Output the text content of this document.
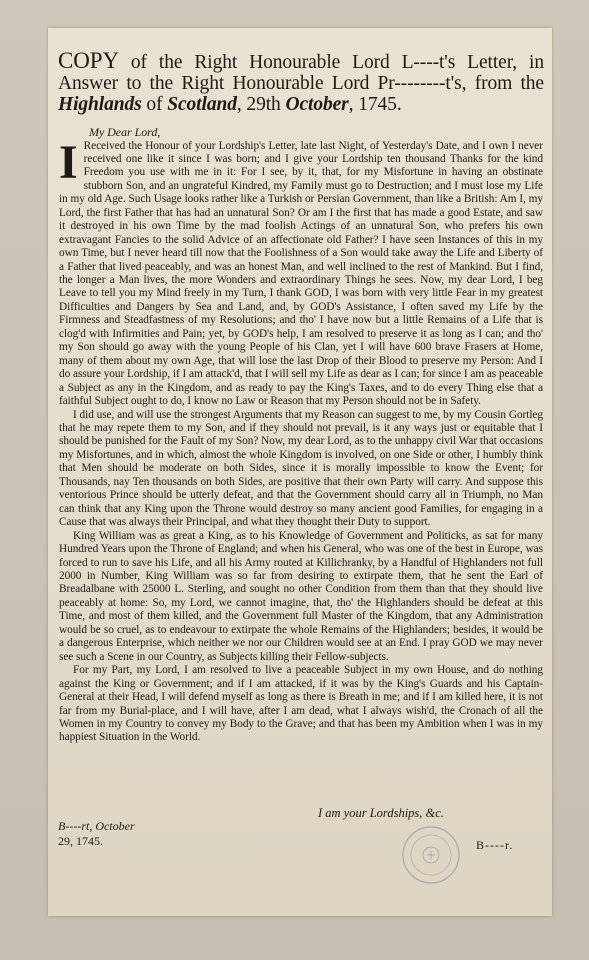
COPY of the Right Honourable Lord L----t's Letter, in Answer to the Right Honourable Lord Pr--------t's, from the Highlands of Scotland, 29th October, 1745.
My Dear Lord,

I Received the Honour of your Lordship's Letter, late last Night, of Yesterday's Date, and I own I never received one like it since I was born; and I give your Lordship ten thousand Thanks for the kind Freedom you use with me in it: For I see, by it, that, for my Misfortune in having an obstinate stubborn Son, and an ungrateful Kindred, my Family must go to Destruction; and I must lose my Life in my old Age. Such Usage looks rather like a Turkish or Persian Government, than like a British: Am I, my Lord, the first Father that has had an unnatural Son? Or am I the first that has made a good Estate, and saw it destroyed in his own Time by the mad foolish Actings of an unnatural Son, who prefers his own extravagant Fancies to the solid Advice of an affectionate old Father? I have seen Instances of this in my own Time, but I never heard till now that the Foolishness of a Son would take away the Life and Liberty of a Father that lived peaceably, and was an honest Man, and well inclined to the rest of Mankind. But I find, the longer a Man lives, the more Wonders and extraordinary Things he sees. Now, my dear Lord, I beg Leave to tell you my Mind freely in my Turn, I thank GOD, I was born with very little Fear in my greatest Difficulties and Dangers by Sea and Land, and, by GOD's Assistance, I often saved my Life by the Firmness and Steadfastness of my Resolutions; and tho' I have now but a little Remains of a Life that is clog'd with Infirmities and Pain; yet, by GOD's help, I am resolved to preserve it as long as I can; and tho' my Son should go away with the young People of his Clan, yet I will have 600 brave Frasers at Home, many of them about my own Age, that will lose the last Drop of their Blood to preserve my Person: And I do assure your Lordship, if I am attack'd, that I will sell my Life as dear as I can; for since I am as peaceable a Subject as any in the Kingdom, and as ready to pay the King's Taxes, and to do every Thing else that a faithful Subject ought to do, I know no Law or Reason that my Person should not be in Safety.

I did use, and will use the strongest Arguments that my Reason can suggest to me, by my Cousin Gortleg that he may repete them to my Son, and if they should not prevail, is it any ways just or equitable that I should be punished for the Fault of my Son? Now, my dear Lord, as to the unhappy civil War that occasions my Misfortunes, and in which, almost the whole Kingdom is involved, on one Side or other, I humbly think that Men should be moderate on both Sides, since it is morally impossible to know the Event; for Thousands, nay Ten thousands on both Sides, are positive that their own Party will carry. And suppose this ventorious Prince should be utterly defeat, and that the Government should carry all in Triumph, no Man can think that any King upon the Throne would destroy so many ancient good Families, for engaging in a Cause that was always their Principal, and what they thought their Duty to support.

King William was as great a King, as to his Knowledge of Government and Politicks, as sat for many Hundred Years upon the Throne of England; and when his General, who was one of the best in Europe, was forced to run to save his Life, and all his Army routed at Killichranky, by a Handful of Highlanders not full 2000 in Number, King William was so far from desiring to extirpate them, that he sent the Earl of Breadalbane with 25000 L. Sterling, and sought no other Condition from them than that they should live peaceably at home: So, my Lord, we cannot imagine, that, tho' the Highlanders should be defeat at this Time, and most of them killed, and the Government full Master of the Kingdom, that any Administration would be so cruel, as to endeavour to extirpate the whole Remains of the Highlanders; besides, it would be a dangerous Enterprise, which neither we nor our Children would see at an End. I pray GOD we may never see such a Scene in our Country, as Subjects killing their Fellow-subjects.

For my Part, my Lord, I am resolved to live a peaceable Subject in my own House, and do nothing against the King or Government; and if I am attacked, if it was by the King's Guards and his Captain-General at their Head, I will defend myself as long as there is Breath in me; and if I am killed here, it is not far from my Burial-place, and I will have, after I am dead, what I always wish'd, the Cronach of all the Women in my Country to convey my Body to the Grave; and that has been my Ambition when I was in my happiest Situation in the World.

I am your Lordships, &c.
B----rt, October
29, 1745.	B----r.
